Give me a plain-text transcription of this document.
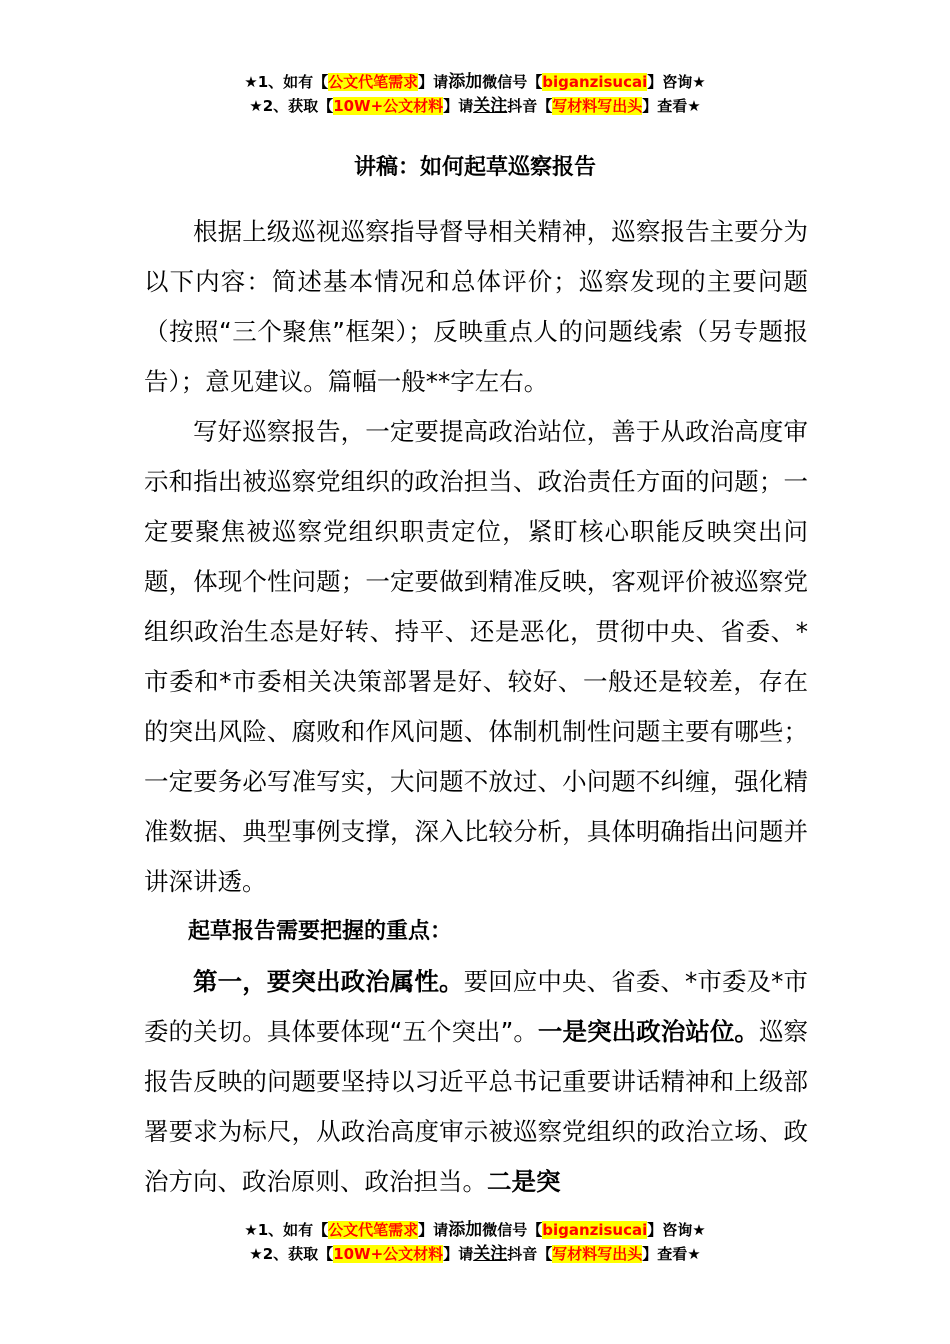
★1、如有【公文代笔需求】请添加微信号【biganzisucai】咨询★
★2、获取【10W+公文材料】请关注抖音【写材料写出头】查看★
讲稿：如何起草巡察报告

根据上级巡视巡察指导督导相关精神，巡察报告主要分为以下内容：简述基本情况和总体评价；巡察发现的主要问题（按照“三个聚焦”框架）；反映重点人的问题线索（另专题报告）；意见建议。篇幅一般**字左右。

写好巡察报告，一定要提高政治站位，善于从政治高度审示和指出被巡察党组织的政治担当、政治责任方面的问题；一定要聚焦被巡察党组织职责定位，紧盯核心职能反映突出问题，体现个性问题；一定要做到精准反映，客观评价被巡察党组织政治生态是好转、持平、还是恶化，贯彻中央、省委、*市委和*市委相关决策部署是好、较好、一般还是较差，存在的突出风险、腐败和作风问题、体制机制性问题主要有哪些；一定要务必写准写实，大问题不放过、小问题不纠缠，强化精准数据、典型事例支撑，深入比较分析，具体明确指出问题并讲深讲透。

起草报告需要把握的重点：

第一，要突出政治属性。要回应中央、省委、*市委及*市委的关切。具体要体现“五个突出”。一是突出政治站位。巡察报告反映的问题要坚持以习近平总书记重要讲话精神和上级部署要求为标尺，从政治高度审示被巡察党组织的政治立场、政治方向、政治原则、政治担当。二是突

★1、如有【公文代笔需求】请添加微信号【biganzisucai】咨询★
★2、获取【10W+公文材料】请关注抖音【写材料写出头】查看★
